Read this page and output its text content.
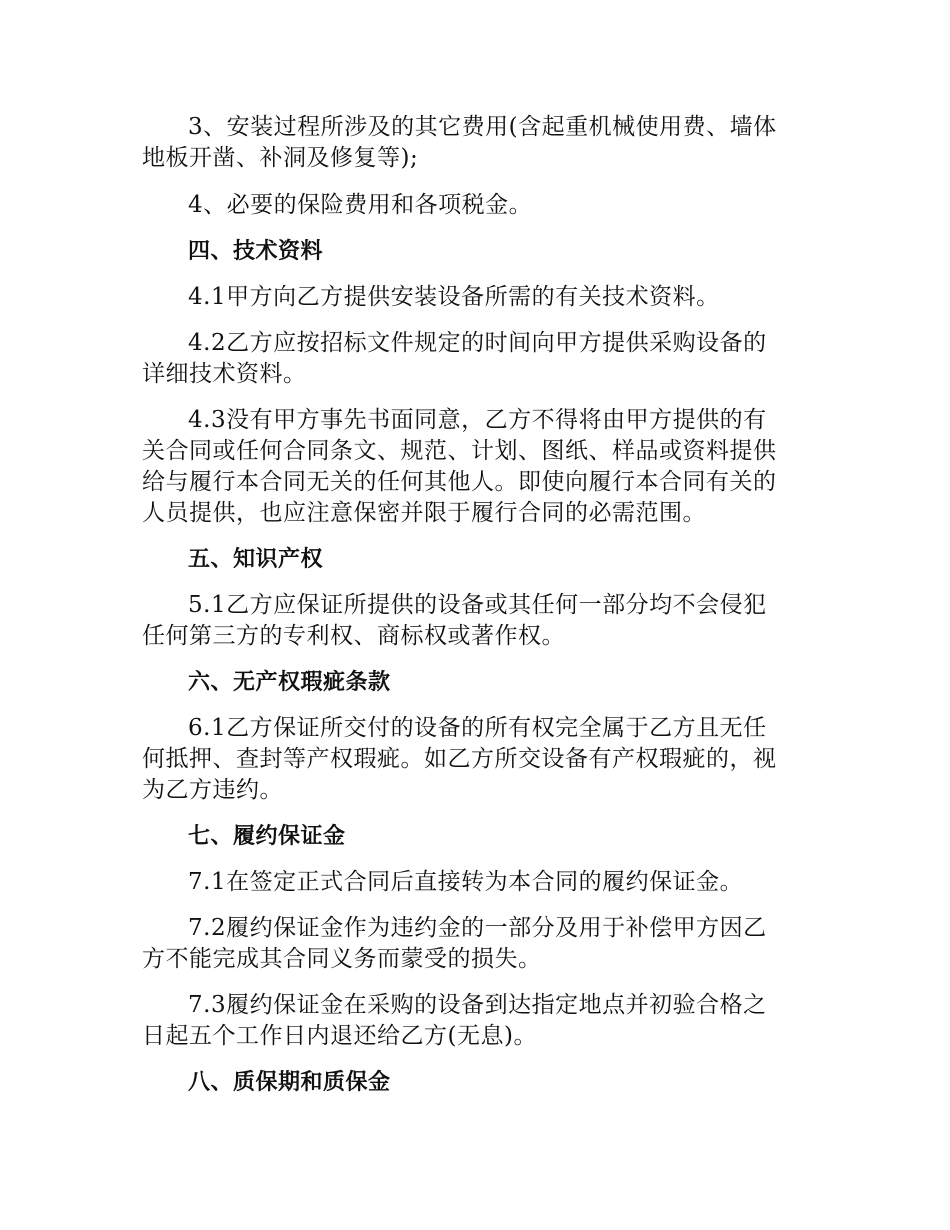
3、安装过程所涉及的其它费用(含起重机械使用费、墙体
地板开凿、补洞及修复等);
4、必要的保险费用和各项税金。
四、技术资料
4.1甲方向乙方提供安装设备所需的有关技术资料。
4.2乙方应按招标文件规定的时间向甲方提供采购设备的
详细技术资料。
4.3没有甲方事先书面同意，乙方不得将由甲方提供的有
关合同或任何合同条文、规范、计划、图纸、样品或资料提供
给与履行本合同无关的任何其他人。即使向履行本合同有关的
人员提供，也应注意保密并限于履行合同的必需范围。
五、知识产权
5.1乙方应保证所提供的设备或其任何一部分均不会侵犯
任何第三方的专利权、商标权或著作权。
六、无产权瑕疵条款
6.1乙方保证所交付的设备的所有权完全属于乙方且无任
何抵押、查封等产权瑕疵。如乙方所交设备有产权瑕疵的，视
为乙方违约。
七、履约保证金
7.1在签定正式合同后直接转为本合同的履约保证金。
7.2履约保证金作为违约金的一部分及用于补偿甲方因乙
方不能完成其合同义务而蒙受的损失。
7.3履约保证金在采购的设备到达指定地点并初验合格之
日起五个工作日内退还给乙方(无息)。
八、质保期和质保金
